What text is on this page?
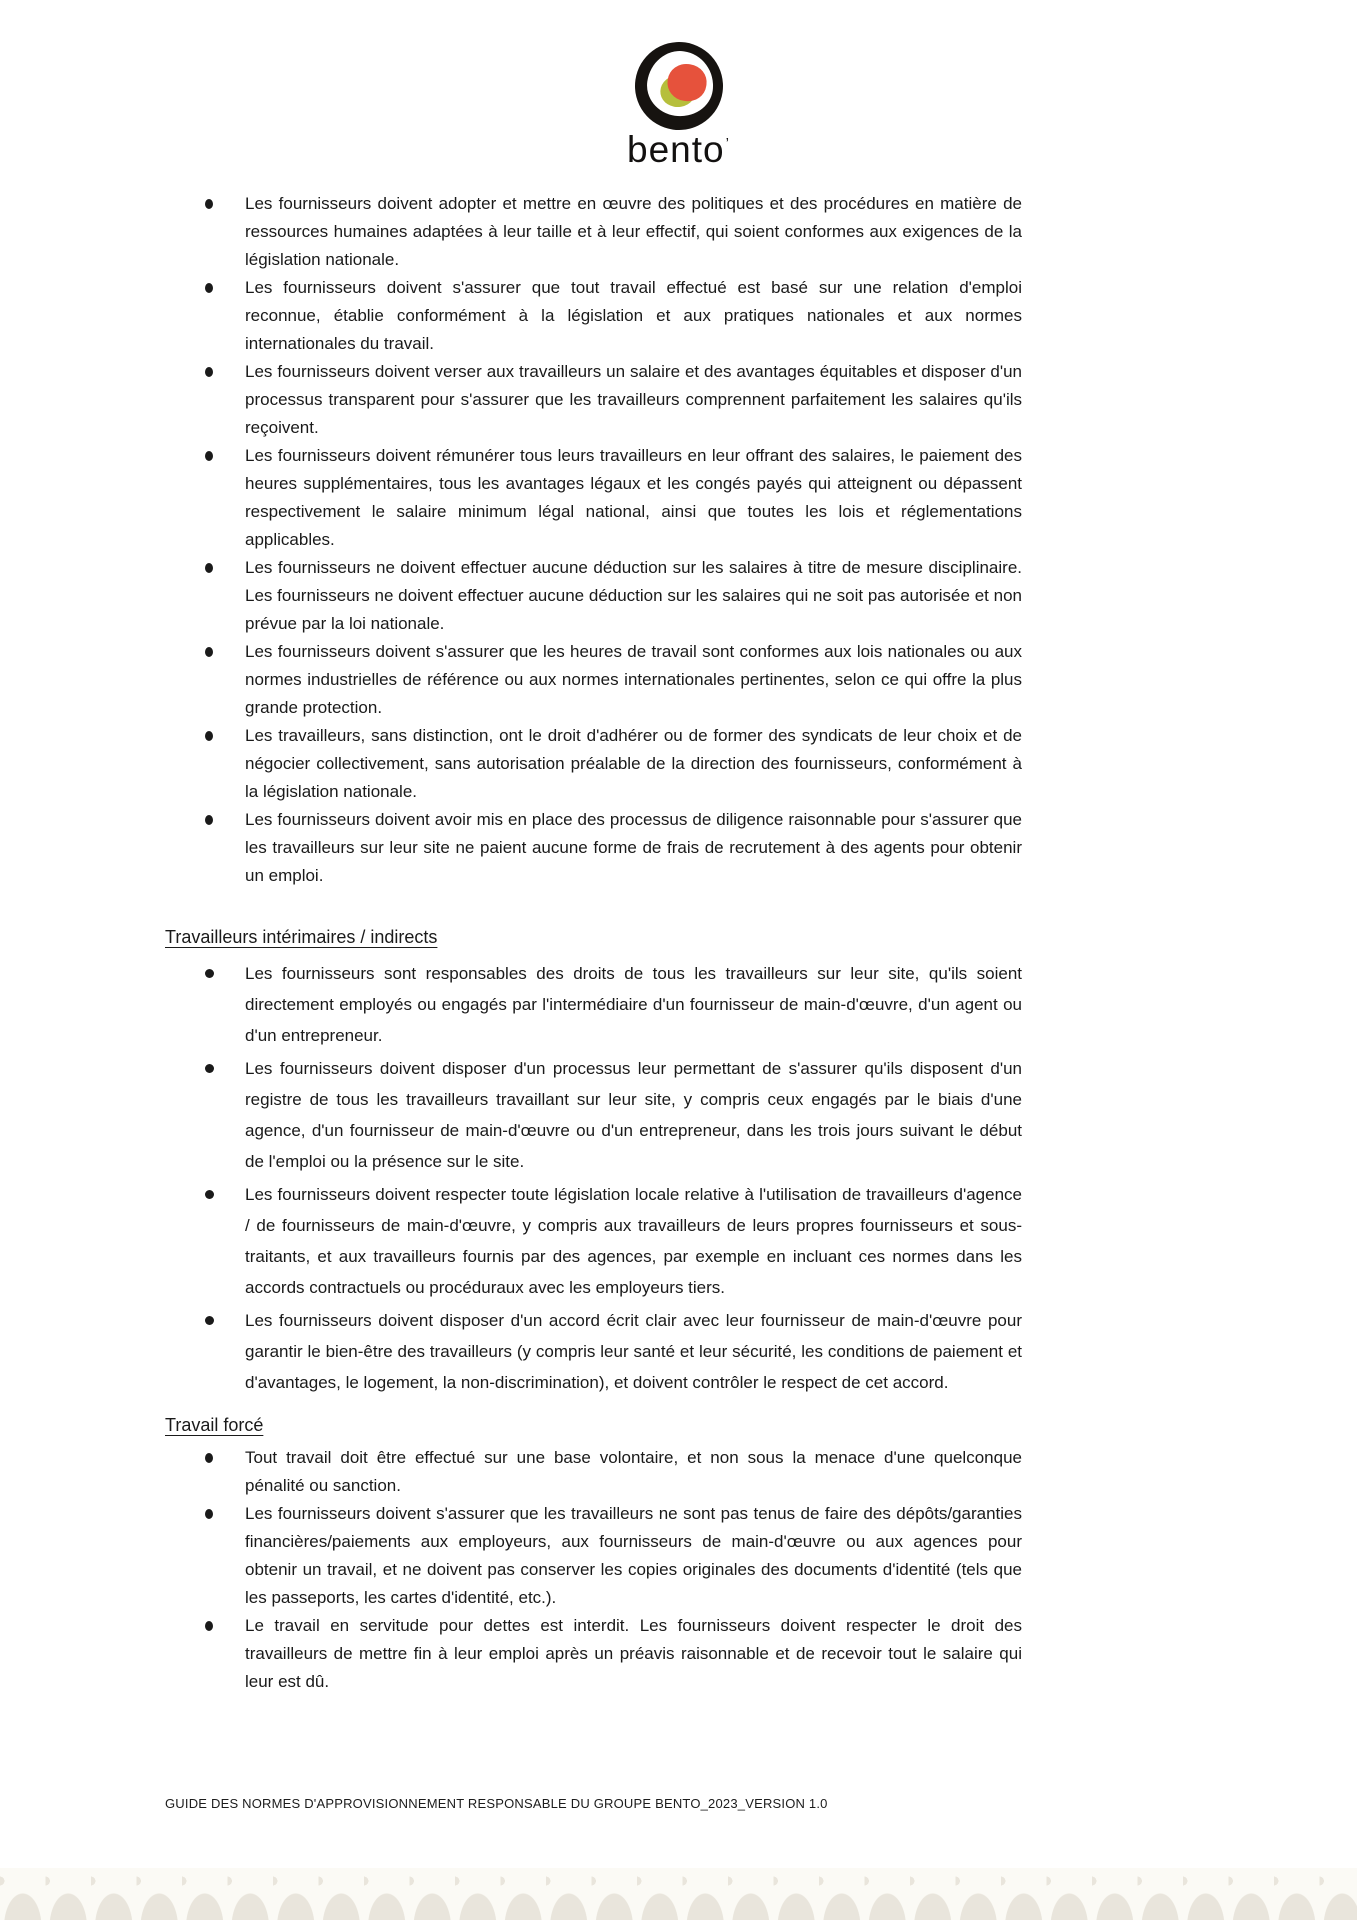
bento’
Les fournisseurs doivent adopter et mettre en œuvre des politiques et des procédures en matière de ressources humaines adaptées à leur taille et à leur effectif, qui soient conformes aux exigences de la législation nationale.
Les fournisseurs doivent s'assurer que tout travail effectué est basé sur une relation d'emploi reconnue, établie conformément à la législation et aux pratiques nationales et aux normes internationales du travail.
Les fournisseurs doivent verser aux travailleurs un salaire et des avantages équitables et disposer d'un processus transparent pour s'assurer que les travailleurs comprennent parfaitement les salaires qu'ils reçoivent.
Les fournisseurs doivent rémunérer tous leurs travailleurs en leur offrant des salaires, le paiement des heures supplémentaires, tous les avantages légaux et les congés payés qui atteignent ou dépassent respectivement le salaire minimum légal national, ainsi que toutes les lois et réglementations applicables.
Les fournisseurs ne doivent effectuer aucune déduction sur les salaires à titre de mesure disciplinaire. Les fournisseurs ne doivent effectuer aucune déduction sur les salaires qui ne soit pas autorisée et non prévue par la loi nationale.
Les fournisseurs doivent s'assurer que les heures de travail sont conformes aux lois nationales ou aux normes industrielles de référence ou aux normes internationales pertinentes, selon ce qui offre la plus grande protection.
Les travailleurs, sans distinction, ont le droit d'adhérer ou de former des syndicats de leur choix et de négocier collectivement, sans autorisation préalable de la direction des fournisseurs, conformément à la législation nationale.
Les fournisseurs doivent avoir mis en place des processus de diligence raisonnable pour s'assurer que les travailleurs sur leur site ne paient aucune forme de frais de recrutement à des agents pour obtenir un emploi.
Travailleurs intérimaires / indirects
Les fournisseurs sont responsables des droits de tous les travailleurs sur leur site, qu'ils soient directement employés ou engagés par l'intermédiaire d'un fournisseur de main-d'œuvre, d'un agent ou d'un entrepreneur.
Les fournisseurs doivent disposer d'un processus leur permettant de s'assurer qu'ils disposent d'un registre de tous les travailleurs travaillant sur leur site, y compris ceux engagés par le biais d'une agence, d'un fournisseur de main-d'œuvre ou d'un entrepreneur, dans les trois jours suivant le début de l'emploi ou la présence sur le site.
Les fournisseurs doivent respecter toute législation locale relative à l'utilisation de travailleurs d'agence / de fournisseurs de main-d'œuvre, y compris aux travailleurs de leurs propres fournisseurs et sous-traitants, et aux travailleurs fournis par des agences, par exemple en incluant ces normes dans les accords contractuels ou procéduraux avec les employeurs tiers.
Les fournisseurs doivent disposer d'un accord écrit clair avec leur fournisseur de main-d'œuvre pour garantir le bien-être des travailleurs (y compris leur santé et leur sécurité, les conditions de paiement et d'avantages, le logement, la non-discrimination), et doivent contrôler le respect de cet accord.
Travail forcé
Tout travail doit être effectué sur une base volontaire, et non sous la menace d'une quelconque pénalité ou sanction.
Les fournisseurs doivent s'assurer que les travailleurs ne sont pas tenus de faire des dépôts/garanties financières/paiements aux employeurs, aux fournisseurs de main-d'œuvre ou aux agences pour obtenir un travail, et ne doivent pas conserver les copies originales des documents d'identité (tels que les passeports, les cartes d'identité, etc.).
Le travail en servitude pour dettes est interdit. Les fournisseurs doivent respecter le droit des travailleurs de mettre fin à leur emploi après un préavis raisonnable et de recevoir tout le salaire qui leur est dû.
GUIDE DES NORMES D'APPROVISIONNEMENT RESPONSABLE DU GROUPE BENTO_2023_VERSION 1.0
